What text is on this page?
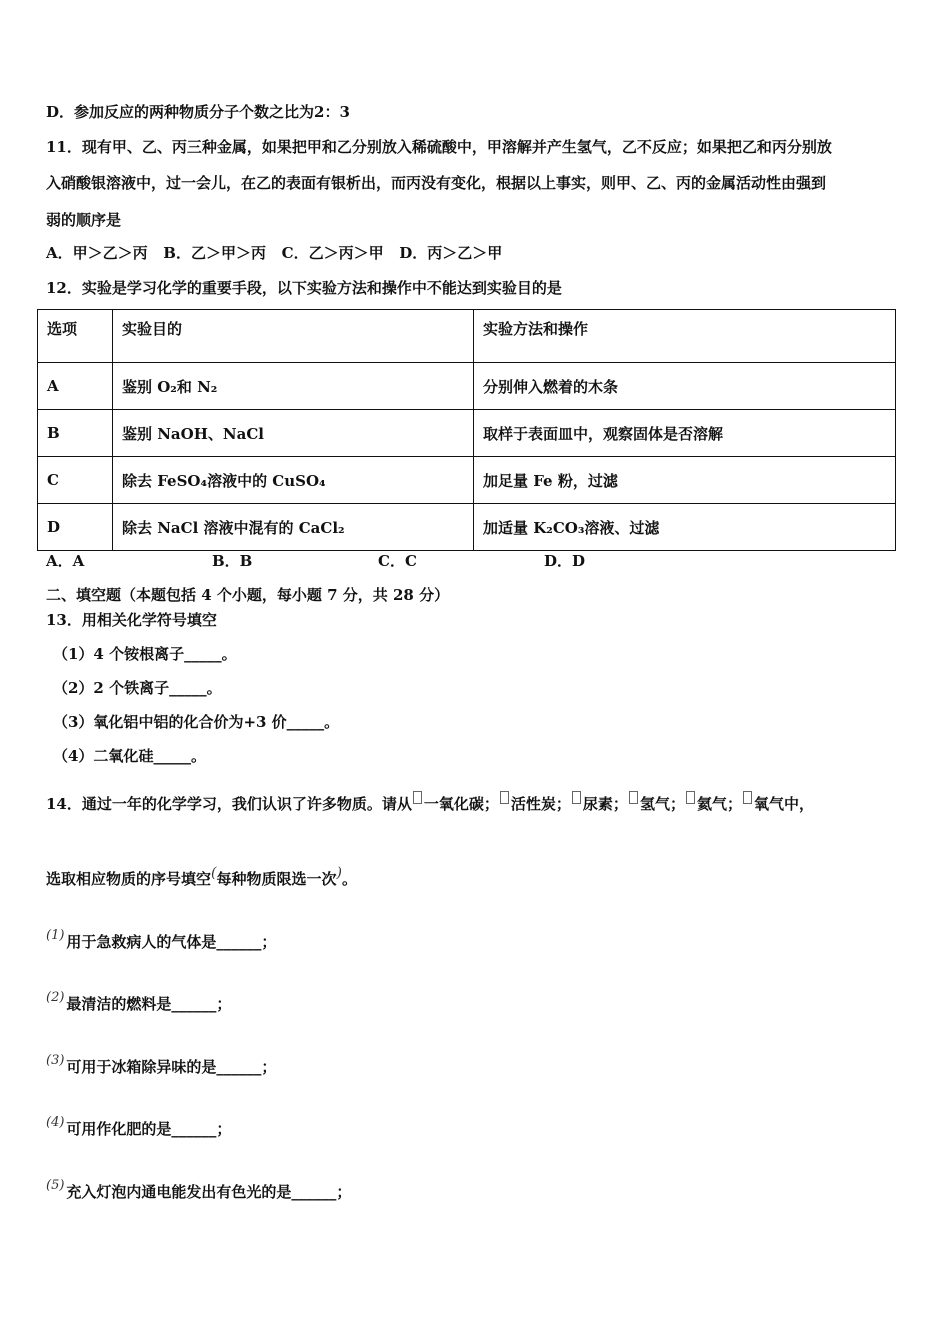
D．参加反应的两种物质分子个数之比为2：3
11．现有甲、乙、丙三种金属，如果把甲和乙分别放入稀硫酸中，甲溶解并产生氢气，乙不反应；如果把乙和丙分别放
入硝酸银溶液中，过一会儿，在乙的表面有银析出，而丙没有变化，根据以上事实，则甲、乙、丙的金属活动性由强到
弱的顺序是
A．甲＞乙＞丙   B．乙＞甲＞丙   C．乙＞丙＞甲   D．丙＞乙＞甲
12．实验是学习化学的重要手段，以下实验方法和操作中不能达到实验目的是
选项	实验目的	实验方法和操作
A	鉴别 O₂和 N₂	分别伸入燃着的木条
B	鉴别 NaOH、NaCl	取样于表面皿中，观察固体是否溶解
C	除去 FeSO₄溶液中的 CuSO₄	加足量 Fe 粉，过滤
D	除去 NaCl 溶液中混有的 CaCl₂	加适量 K₂CO₃溶液、过滤
A．A	B．B	C．C	D．D
二、填空题（本题包括 4 个小题，每小题 7 分，共 28 分）
13．用相关化学符号填空
（1）4 个铵根离子_____。
（2）2 个铁离子_____。
（3）氧化铝中铝的化合价为+3 价_____。
（4）二氧化硅_____。
14．通过一年的化学学习，我们认识了许多物质。请从 一氧化碳； 活性炭； 尿素； 氢气； 氦气； 氧气中，
选取相应物质的序号填空(每种物质限选一次)。
(1) 用于急救病人的气体是______；
(2) 最清洁的燃料是______；
(3) 可用于冰箱除异味的是______；
(4) 可用作化肥的是______；
(5) 充入灯泡内通电能发出有色光的是______；
